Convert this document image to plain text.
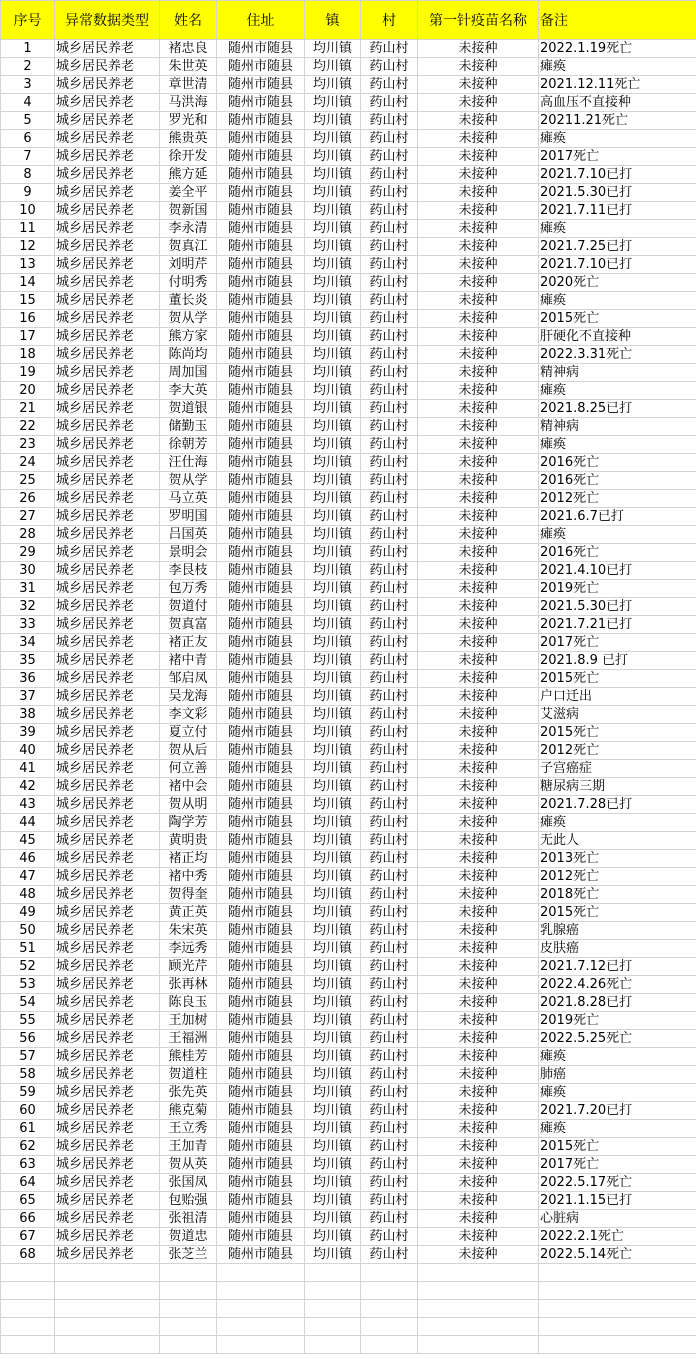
序号	异常数据类型	姓名	住址	镇	村	第一针疫苗名称	备注
1	城乡居民养老	褚忠良	随州市随县	均川镇	药山村	未接种	2022.1.19死亡
2	城乡居民养老	朱世英	随州市随县	均川镇	药山村	未接种	瘫痪
3	城乡居民养老	章世清	随州市随县	均川镇	药山村	未接种	2021.12.11死亡
4	城乡居民养老	马洪海	随州市随县	均川镇	药山村	未接种	高血压不直接种
5	城乡居民养老	罗光和	随州市随县	均川镇	药山村	未接种	20211.21死亡
6	城乡居民养老	熊贵英	随州市随县	均川镇	药山村	未接种	瘫痪
7	城乡居民养老	徐开发	随州市随县	均川镇	药山村	未接种	2017死亡
8	城乡居民养老	熊方延	随州市随县	均川镇	药山村	未接种	2021.7.10已打
9	城乡居民养老	姜全平	随州市随县	均川镇	药山村	未接种	2021.5.30已打
10	城乡居民养老	贺新国	随州市随县	均川镇	药山村	未接种	2021.7.11已打
11	城乡居民养老	李永清	随州市随县	均川镇	药山村	未接种	瘫痪
12	城乡居民养老	贺真江	随州市随县	均川镇	药山村	未接种	2021.7.25已打
13	城乡居民养老	刘明芹	随州市随县	均川镇	药山村	未接种	2021.7.10已打
14	城乡居民养老	付明秀	随州市随县	均川镇	药山村	未接种	2020死亡
15	城乡居民养老	董长炎	随州市随县	均川镇	药山村	未接种	瘫痪
16	城乡居民养老	贺从学	随州市随县	均川镇	药山村	未接种	2015死亡
17	城乡居民养老	熊方家	随州市随县	均川镇	药山村	未接种	肝硬化不直接种
18	城乡居民养老	陈尚均	随州市随县	均川镇	药山村	未接种	2022.3.31死亡
19	城乡居民养老	周加国	随州市随县	均川镇	药山村	未接种	精神病
20	城乡居民养老	李大英	随州市随县	均川镇	药山村	未接种	瘫痪
21	城乡居民养老	贺道银	随州市随县	均川镇	药山村	未接种	2021.8.25已打
22	城乡居民养老	储勤玉	随州市随县	均川镇	药山村	未接种	精神病
23	城乡居民养老	徐朝芳	随州市随县	均川镇	药山村	未接种	瘫痪
24	城乡居民养老	汪仕海	随州市随县	均川镇	药山村	未接种	2016死亡
25	城乡居民养老	贺从学	随州市随县	均川镇	药山村	未接种	2016死亡
26	城乡居民养老	马立英	随州市随县	均川镇	药山村	未接种	2012死亡
27	城乡居民养老	罗明国	随州市随县	均川镇	药山村	未接种	2021.6.7已打
28	城乡居民养老	吕国英	随州市随县	均川镇	药山村	未接种	瘫痪
29	城乡居民养老	景明会	随州市随县	均川镇	药山村	未接种	2016死亡
30	城乡居民养老	李艮枝	随州市随县	均川镇	药山村	未接种	2021.4.10已打
31	城乡居民养老	包万秀	随州市随县	均川镇	药山村	未接种	2019死亡
32	城乡居民养老	贺道付	随州市随县	均川镇	药山村	未接种	2021.5.30已打
33	城乡居民养老	贺真富	随州市随县	均川镇	药山村	未接种	2021.7.21已打
34	城乡居民养老	褚正友	随州市随县	均川镇	药山村	未接种	2017死亡
35	城乡居民养老	褚中青	随州市随县	均川镇	药山村	未接种	2021.8.9 已打
36	城乡居民养老	邹启凤	随州市随县	均川镇	药山村	未接种	2015死亡
37	城乡居民养老	吴龙海	随州市随县	均川镇	药山村	未接种	户口迁出
38	城乡居民养老	李文彩	随州市随县	均川镇	药山村	未接种	艾滋病
39	城乡居民养老	夏立付	随州市随县	均川镇	药山村	未接种	2015死亡
40	城乡居民养老	贺从后	随州市随县	均川镇	药山村	未接种	2012死亡
41	城乡居民养老	何立善	随州市随县	均川镇	药山村	未接种	子宫癌症
42	城乡居民养老	褚中会	随州市随县	均川镇	药山村	未接种	糖尿病三期
43	城乡居民养老	贺从明	随州市随县	均川镇	药山村	未接种	2021.7.28已打
44	城乡居民养老	陶学芳	随州市随县	均川镇	药山村	未接种	瘫痪
45	城乡居民养老	黄明贵	随州市随县	均川镇	药山村	未接种	无此人
46	城乡居民养老	褚正均	随州市随县	均川镇	药山村	未接种	2013死亡
47	城乡居民养老	褚中秀	随州市随县	均川镇	药山村	未接种	2012死亡
48	城乡居民养老	贺得奎	随州市随县	均川镇	药山村	未接种	2018死亡
49	城乡居民养老	黄正英	随州市随县	均川镇	药山村	未接种	2015死亡
50	城乡居民养老	朱宋英	随州市随县	均川镇	药山村	未接种	乳腺癌
51	城乡居民养老	李远秀	随州市随县	均川镇	药山村	未接种	皮肤癌
52	城乡居民养老	顾光芹	随州市随县	均川镇	药山村	未接种	2021.7.12已打
53	城乡居民养老	张再林	随州市随县	均川镇	药山村	未接种	2022.4.26死亡
54	城乡居民养老	陈良玉	随州市随县	均川镇	药山村	未接种	2021.8.28已打
55	城乡居民养老	王加树	随州市随县	均川镇	药山村	未接种	2019死亡
56	城乡居民养老	王福洲	随州市随县	均川镇	药山村	未接种	2022.5.25死亡
57	城乡居民养老	熊桂芳	随州市随县	均川镇	药山村	未接种	瘫痪
58	城乡居民养老	贺道柱	随州市随县	均川镇	药山村	未接种	肺癌
59	城乡居民养老	张先英	随州市随县	均川镇	药山村	未接种	瘫痪
60	城乡居民养老	熊克菊	随州市随县	均川镇	药山村	未接种	2021.7.20已打
61	城乡居民养老	王立秀	随州市随县	均川镇	药山村	未接种	瘫痪
62	城乡居民养老	王加青	随州市随县	均川镇	药山村	未接种	2015死亡
63	城乡居民养老	贺从英	随州市随县	均川镇	药山村	未接种	2017死亡
64	城乡居民养老	张国凤	随州市随县	均川镇	药山村	未接种	2022.5.17死亡
65	城乡居民养老	包贻强	随州市随县	均川镇	药山村	未接种	2021.1.15已打
66	城乡居民养老	张祖清	随州市随县	均川镇	药山村	未接种	心脏病
67	城乡居民养老	贺道忠	随州市随县	均川镇	药山村	未接种	2022.2.1死亡
68	城乡居民养老	张芝兰	随州市随县	均川镇	药山村	未接种	2022.5.14死亡
